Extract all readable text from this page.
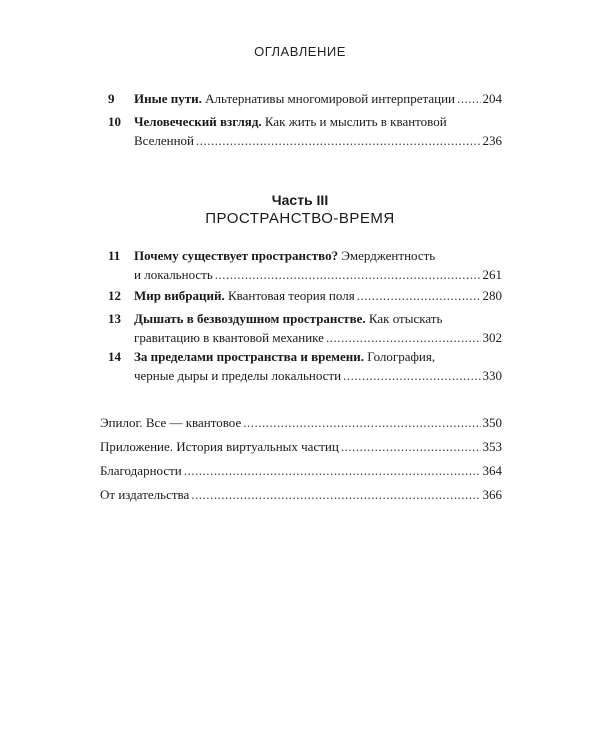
ОГЛАВЛЕНИЕ
9 Иные пути. Альтернативы многомировой интерпретации ..... 204
10 Человеческий взгляд. Как жить и мыслить в квантовой
Вселенной .....	236
Часть III
ПРОСТРАНСТВО-ВРЕМЯ
11 Почему существует пространство? Эмерджентность
и локальность .....	261
12 Мир вибраций. Квантовая теория поля .....	280
13 Дышать в безвоздушном пространстве. Как отыскать
гравитацию в квантовой механике .....	302
14 За пределами пространства и времени. Голография,
черные дыры и пределы локальности .....	330
Эпилог. Все — квантовое .....	350
Приложение. История виртуальных частиц .....	353
Благодарности .....	364
От издательства .....	366
